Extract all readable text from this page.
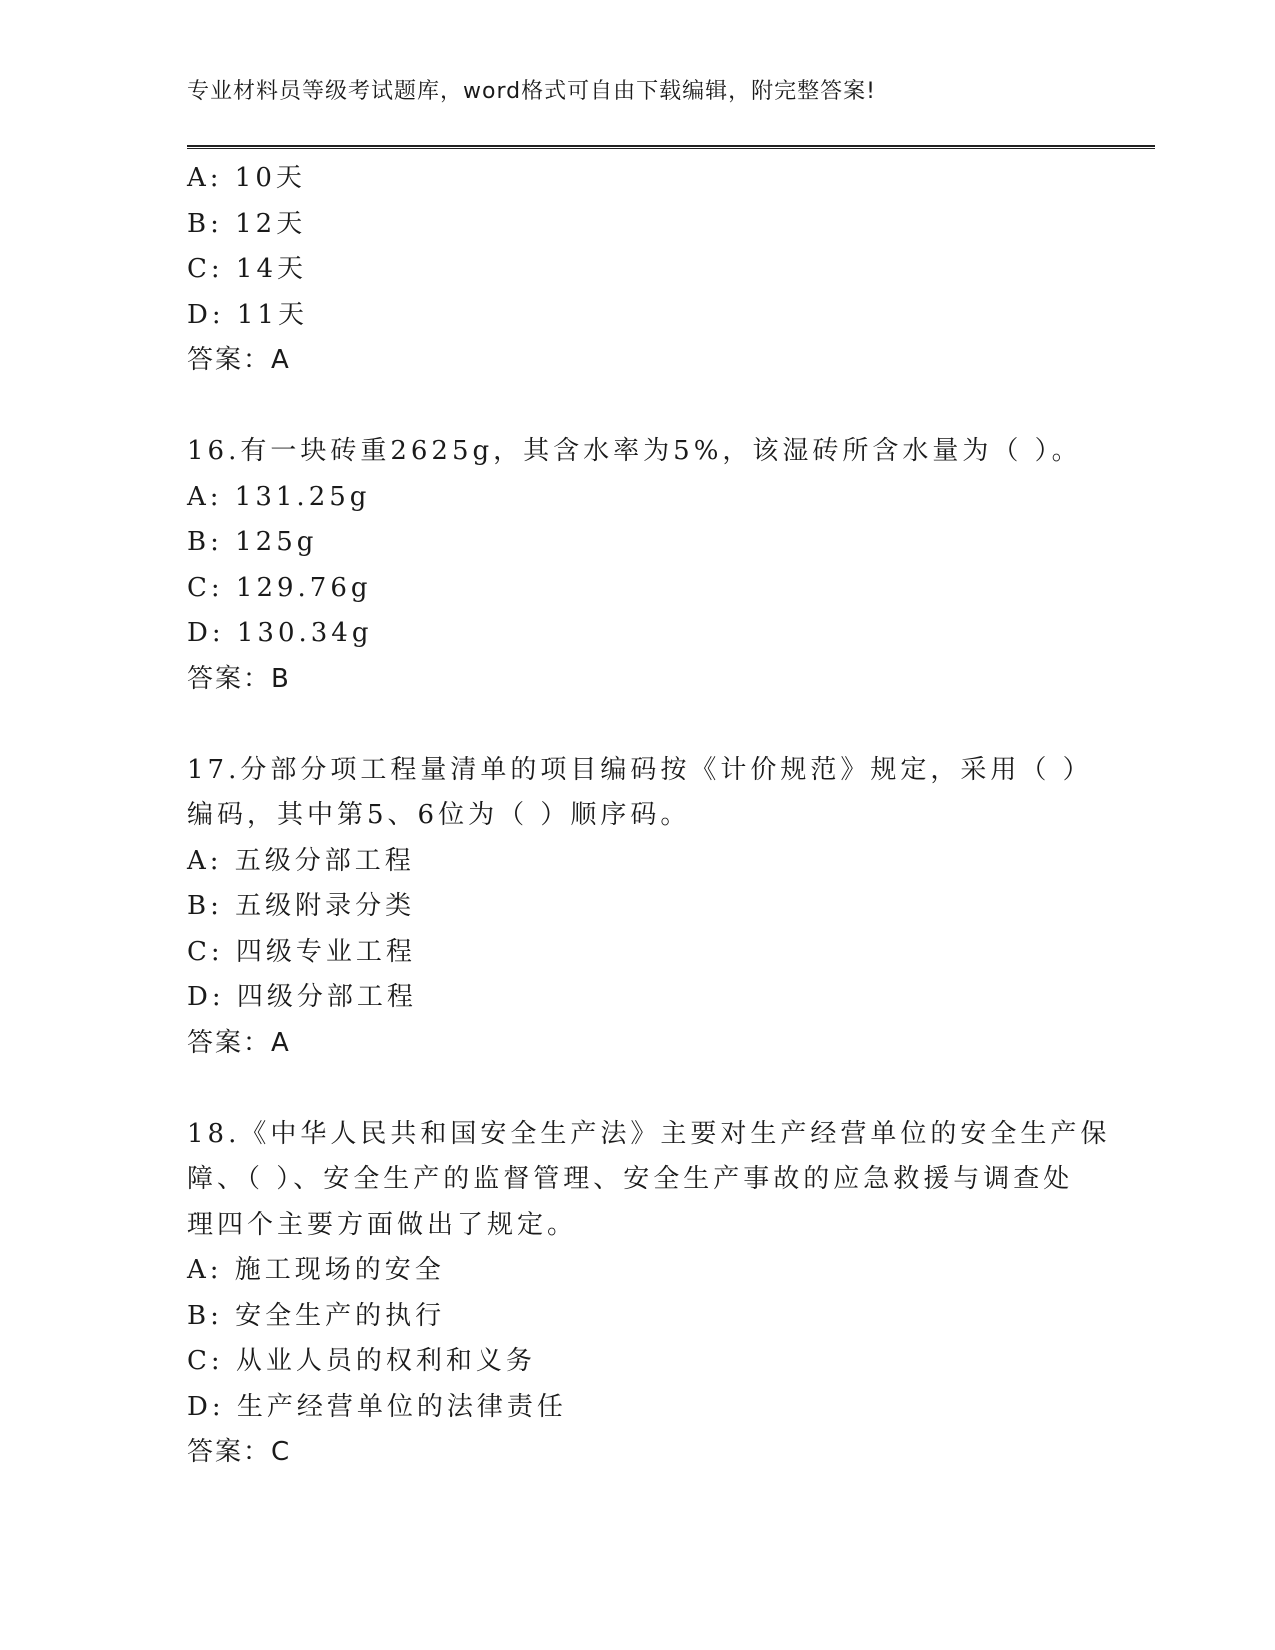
专业材料员等级考试题库，word格式可自由下载编辑，附完整答案!
A: 10天
B: 12天
C: 14天
D: 11天
答案：A
16.有一块砖重2625g，其含水率为5%，该湿砖所含水量为（ ）。
A: 131.25g
B: 125g
C: 129.76g
D: 130.34g
答案：B
17.分部分项工程量清单的项目编码按《计价规范》规定，采用（ ）
编码，其中第5、6位为（ ）顺序码。
A: 五级分部工程
B: 五级附录分类
C: 四级专业工程
D: 四级分部工程
答案：A
18.《中华人民共和国安全生产法》主要对生产经营单位的安全生产保
障、（ ）、安全生产的监督管理、安全生产事故的应急救援与调查处
理四个主要方面做出了规定。
A: 施工现场的安全
B: 安全生产的执行
C: 从业人员的权利和义务
D: 生产经营单位的法律责任
答案：C
